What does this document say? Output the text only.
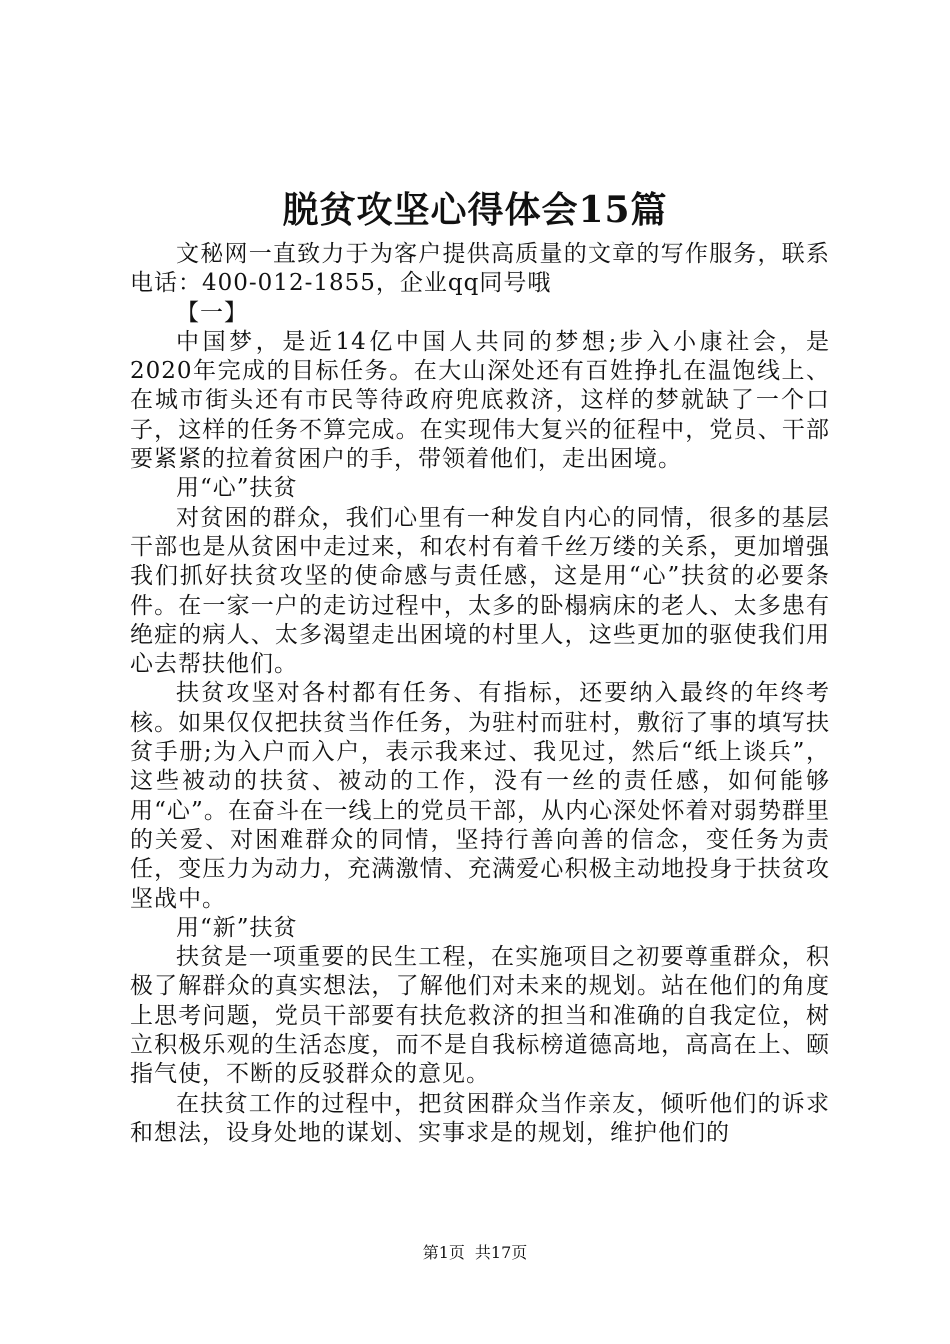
脱贫攻坚心得体会15篇

文秘网一直致力于为客户提供高质量的文章的写作服务，联系电话：400-012-1855，企业qq同号哦

【一】

中国梦，是近14亿中国人共同的梦想;步入小康社会，是2020年完成的目标任务。在大山深处还有百姓挣扎在温饱线上、在城市街头还有市民等待政府兜底救济，这样的梦就缺了一个口子，这样的任务不算完成。在实现伟大复兴的征程中，党员、干部要紧紧的拉着贫困户的手，带领着他们，走出困境。

用“心”扶贫

对贫困的群众，我们心里有一种发自内心的同情，很多的基层干部也是从贫困中走过来，和农村有着千丝万缕的关系，更加增强我们抓好扶贫攻坚的使命感与责任感，这是用“心”扶贫的必要条件。在一家一户的走访过程中，太多的卧榻病床的老人、太多患有绝症的病人、太多渴望走出困境的村里人，这些更加的驱使我们用心去帮扶他们。

扶贫攻坚对各村都有任务、有指标，还要纳入最终的年终考核。如果仅仅把扶贫当作任务，为驻村而驻村，敷衍了事的填写扶贫手册;为入户而入户，表示我来过、我见过，然后“纸上谈兵”，这些被动的扶贫、被动的工作，没有一丝的责任感，如何能够用“心”。在奋斗在一线上的党员干部，从内心深处怀着对弱势群里的关爱、对困难群众的同情，坚持行善向善的信念，变任务为责任，变压力为动力，充满激情、充满爱心积极主动地投身于扶贫攻坚战中。

用“新”扶贫

扶贫是一项重要的民生工程，在实施项目之初要尊重群众，积极了解群众的真实想法，了解他们对未来的规划。站在他们的角度上思考问题，党员干部要有扶危救济的担当和准确的自我定位，树立积极乐观的生活态度，而不是自我标榜道德高地，高高在上、颐指气使，不断的反驳群众的意见。

在扶贫工作的过程中，把贫困群众当作亲友，倾听他们的诉求和想法，设身处地的谋划、实事求是的规划，维护他们的

第1页 共17页
